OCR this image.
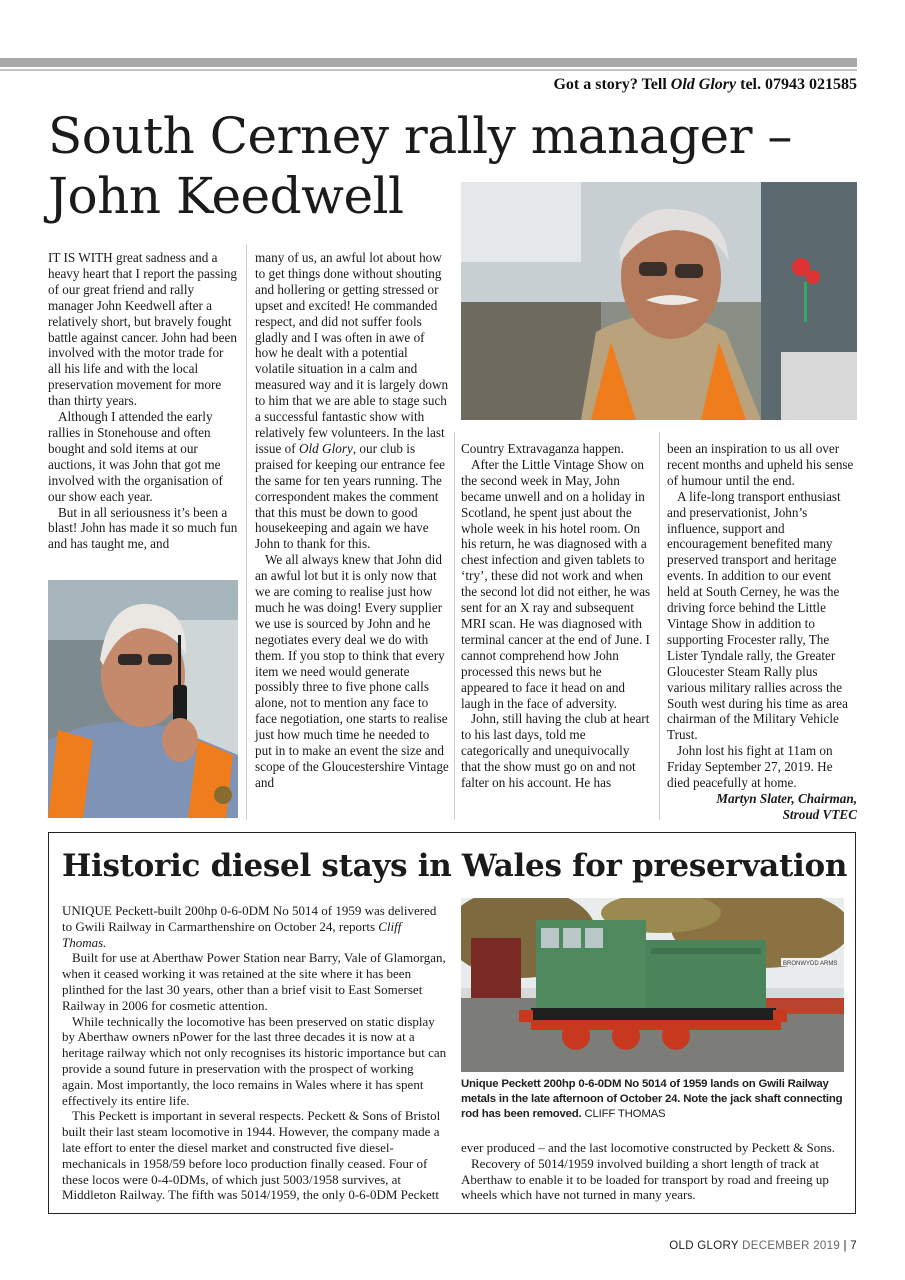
Got a story? Tell Old Glory tel. 07943 021585
South Cerney rally manager –
John Keedwell

IT IS WITH great sadness and a heavy heart that I report the passing of our great friend and rally manager John Keedwell after a relatively short, but bravely fought battle against cancer. John had been involved with the motor trade for all his life and with the local preservation movement for more than thirty years.

Although I attended the early rallies in Stonehouse and often bought and sold items at our auctions, it was John that got me involved with the organisation of our show each year.

But in all seriousness it’s been a blast! John has made it so much fun and has taught me, and

many of us, an awful lot about how to get things done without shouting and hollering or getting stressed or upset and excited! He commanded respect, and did not suffer fools gladly and I was often in awe of how he dealt with a potential volatile situation in a calm and measured way and it is largely down to him that we are able to stage such a successful fantastic show with relatively few volunteers. In the last issue of Old Glory, our club is praised for keeping our entrance fee the same for ten years running. The correspondent makes the comment that this must be down to good housekeeping and again we have John to thank for this.

We all always knew that John did an awful lot but it is only now that we are coming to realise just how much he was doing! Every supplier we use is sourced by John and he negotiates every deal we do with them. If you stop to think that every item we need would generate possibly three to five phone calls alone, not to mention any face to face negotiation, one starts to realise just how much time he needed to put in to make an event the size and scope of the Gloucestershire Vintage and

Country Extravaganza happen.

After the Little Vintage Show on the second week in May, John became unwell and on a holiday in Scotland, he spent just about the whole week in his hotel room. On his return, he was diagnosed with a chest infection and given tablets to ‘try’, these did not work and when the second lot did not either, he was sent for an X ray and subsequent MRI scan. He was diagnosed with terminal cancer at the end of June. I cannot comprehend how John processed this news but he appeared to face it head on and laugh in the face of adversity.

John, still having the club at heart to his last days, told me categorically and unequivocally that the show must go on and not falter on his account. He has

been an inspiration to us all over recent months and upheld his sense of humour until the end.

A life-long transport enthusiast and preservationist, John’s influence, support and encouragement benefited many preserved transport and heritage events. In addition to our event held at South Cerney, he was the driving force behind the Little Vintage Show in addition to supporting Frocester rally, The Lister Tyndale rally, the Greater Gloucester Steam Rally plus various military rallies across the South west during his time as area chairman of the Military Vehicle Trust.

John lost his fight at 11am on Friday September 27, 2019. He died peacefully at home.

Martyn Slater, Chairman,

Stroud VTEC

Historic diesel stays in Wales for preservation

UNIQUE Peckett-built 200hp 0-6-0DM No 5014 of 1959 was delivered to Gwili Railway in Carmarthenshire on October 24, reports Cliff Thomas.

Built for use at Aberthaw Power Station near Barry, Vale of Glamorgan, when it ceased working it was retained at the site where it has been plinthed for the last 30 years, other than a brief visit to East Somerset Railway in 2006 for cosmetic attention.

While technically the locomotive has been preserved on static display by Aberthaw owners nPower for the last three decades it is now at a heritage railway which not only recognises its historic importance but can provide a sound future in preservation with the prospect of working again. Most importantly, the loco remains in Wales where it has spent effectively its entire life.

This Peckett is important in several respects. Peckett & Sons of Bristol built their last steam locomotive in 1944. However, the company made a late effort to enter the diesel market and constructed five diesel-mechanicals in 1958/59 before loco production finally ceased. Four of these locos were 0-4-0DMs, of which just 5003/1958 survives, at Middleton Railway. The fifth was 5014/1959, the only 0-6-0DM Peckett

BRONWYDD ARMS
Unique Peckett 200hp 0-6-0DM No 5014 of 1959 lands on Gwili Railway metals in the late afternoon of October 24. Note the jack shaft connecting rod has been removed. CLIFF THOMAS

ever produced – and the last locomotive constructed by Peckett & Sons.

Recovery of 5014/1959 involved building a short length of track at Aberthaw to enable it to be loaded for transport by road and freeing up wheels which have not turned in many years.

OLD GLORY DECEMBER 2019 | 7
